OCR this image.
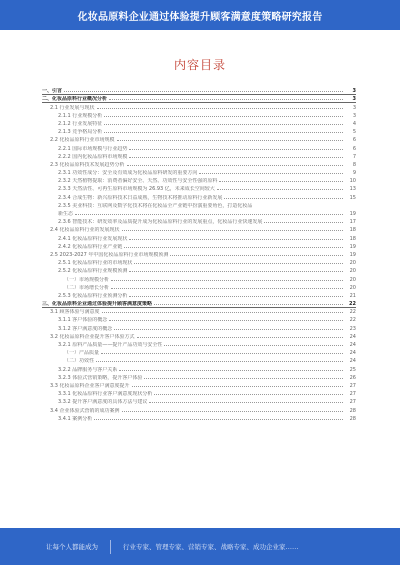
化妆品原料企业通过体验提升顾客满意度策略研究报告
内容目录
一、引言	3
二、化妆品原料行业概况分析	3
2.1 行业发展与现状	3
2.1.1 行业规模分析	3
2.1.2 行业发展特征	4
2.1.3 竞争格局分析	5
2.2 化妆品原料行业市场规模	6
2.2.1 国际市场规模与行业趋势	6
2.2.2 国内化妆品原料市场规模	7
2.3 化妆品原料技术发展趋势分析	8
2.3.1 功效性成分：安全及有效成为化妆品原料研发的重要方向	9
2.3.2 天然植物提取：消费者偏好安全、天然、功效性与安全性强的原料	10
2.3.3 天然活性、可再生原料市场规模为 26.93 亿，未来成长空间较大	13
2.3.4 合成生物：新兴原料技术日益成熟，生物技术将推动原料行业新发展	15
2.3.5 美业科技：互联网及数字化技术将在化妆品全产业链中扮演重要角色，打造化妆品
新生态	19
2.3.6 智能技术：研发效率及品质提升成为化妆品原料行业的发展重点，化妆品行业快速发展	17
2.4 化妆品原料行业的发展现状	18
2.4.1 化妆品原料行业发展现状	18
2.4.2 化妆品原料行业产业链	19
2.5 2023-2027 年中国化妆品原料行业市场规模预测	19
2.5.1 化妆品原料行业的市场现状	20
2.5.2 化妆品原料行业规模预测	20
（一）市场规模分析	20
（二）市场增长分析	20
2.5.3 化妆品原料行业预测分析	21
三、化妆品原料企业通过体验提升顾客满意度策略	22
3.1 顾客体验与满意度	22
3.1.1 客户体验的概念	22
3.1.2 客户满意度的概念	23
3.2 化妆品原料企业提升客户体验方式	24
3.2.1 原料产品质量——提升产品功效与安全性	24
（一）产品质量	24
（二）功效性	24
3.2.2 品牌服务与客户关系	25
3.2.3 体验式营销策略，提升客户体验	26
3.3 化妆品原料企业客户满意度提升	27
3.3.1 化妆品原料行业客户满意度现状分析	27
3.3.2 提升客户满意度的具体方法与建议	27
3.4 企业体验式营销的成功案例	28
3.4.1 案例分析	28
让每个人都能成为	行业专家、管理专家、营销专家、战略专家、成功企业家……
